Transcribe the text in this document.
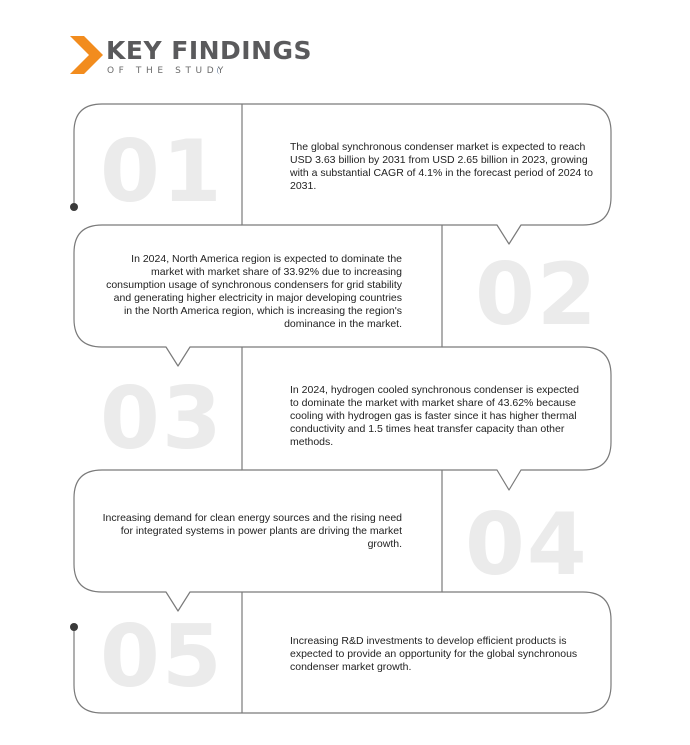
KEY FINDINGS
OF THE STUDY
01
02
03
04
05
The global synchronous condenser market is expected to reach USD 3.63 billion by 2031 from USD 2.65 billion in 2023, growing with a substantial CAGR of 4.1% in the forecast period of 2024 to 2031.
In 2024, North America region is expected to dominate the market with market share of 33.92% due to increasing consumption usage of synchronous condensers for grid stability and generating higher electricity in major developing countries in the North America region, which is increasing the region's dominance in the market.
In 2024, hydrogen cooled synchronous condenser is expected to dominate the market with market share of 43.62% because cooling with hydrogen gas is faster since it has higher thermal conductivity and 1.5 times heat transfer capacity than other methods.
Increasing demand for clean energy sources and the rising need for integrated systems in power plants are driving the market growth.
Increasing R&D investments to develop efficient products is expected to provide an opportunity for the global synchronous condenser market growth.
